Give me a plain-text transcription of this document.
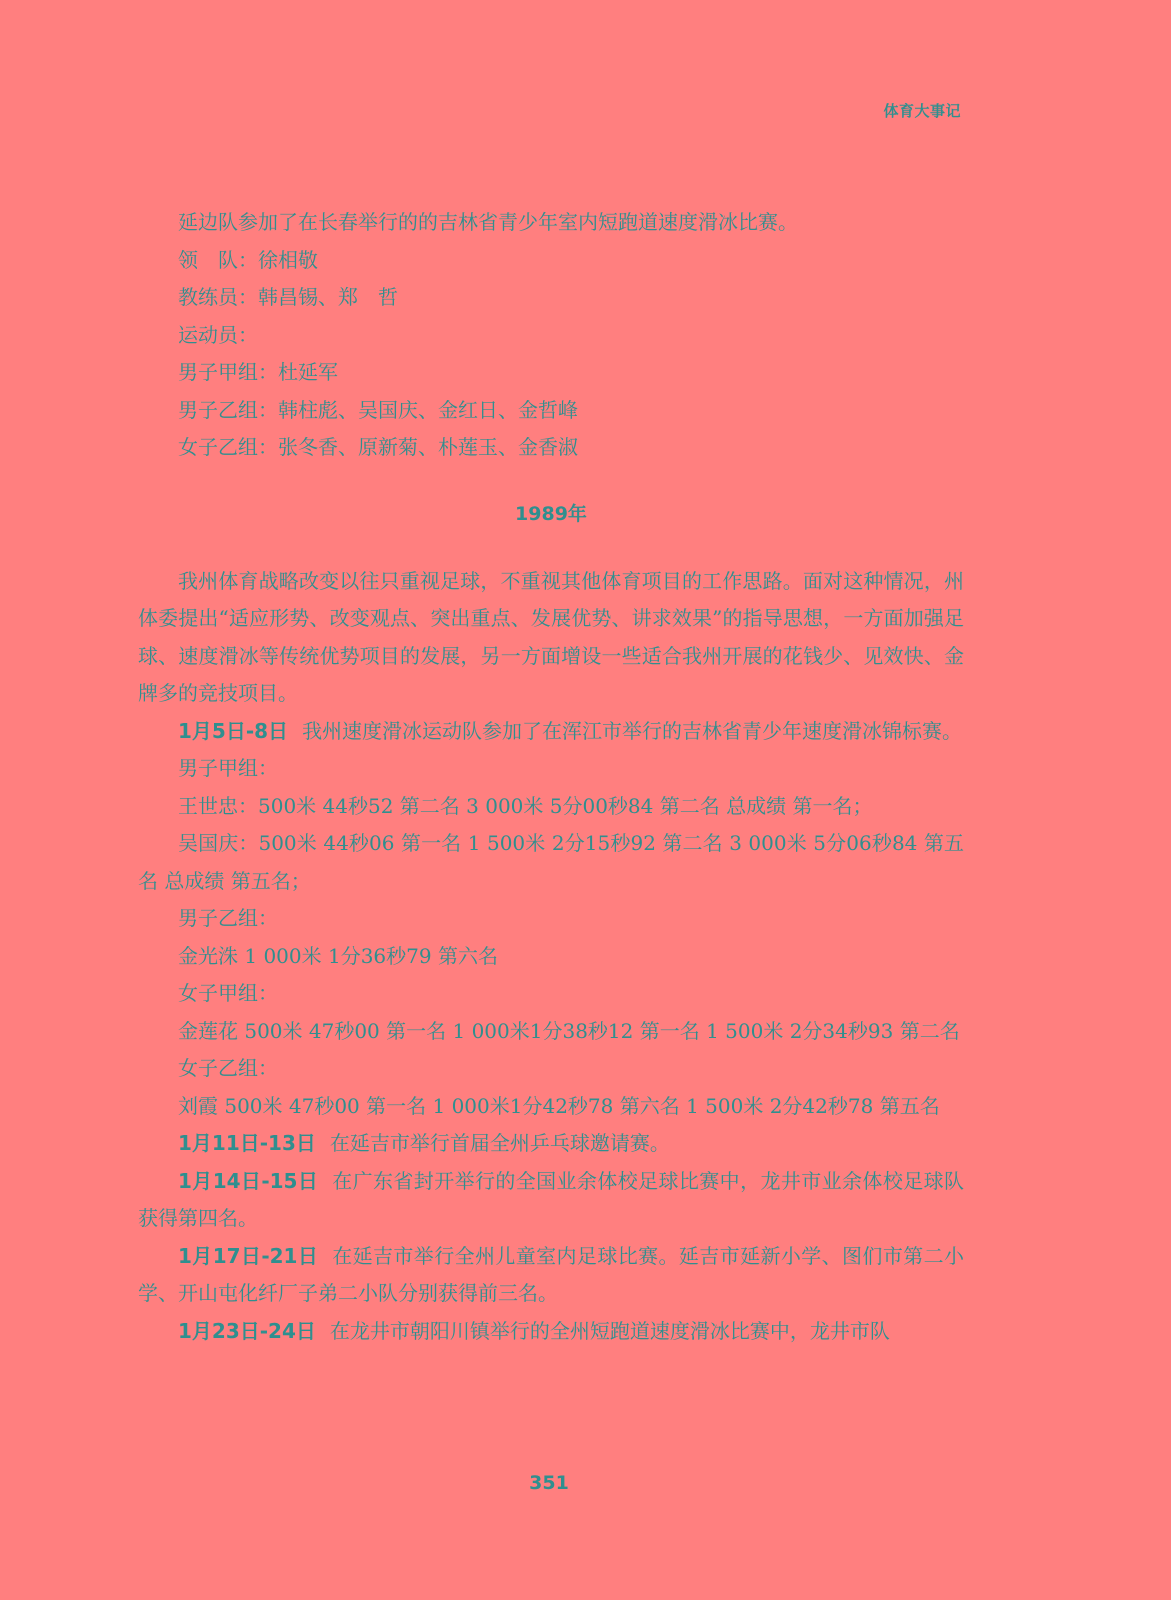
体育大事记

延边队参加了在长春举行的的吉林省青少年室内短跑道速度滑冰比赛。

领　队：徐相敬

教练员：韩昌锡、郑　哲

运动员：

男子甲组：杜延军

男子乙组：韩柱彪、吴国庆、金红日、金哲峰

女子乙组：张冬香、原新菊、朴莲玉、金香淑

1989年

我州体育战略改变以往只重视足球，不重视其他体育项目的工作思路。面对这种情况，州体委提出“适应形势、改变观点、突出重点、发展优势、讲求效果”的指导思想，一方面加强足球、速度滑冰等传统优势项目的发展，另一方面增设一些适合我州开展的花钱少、见效快、金牌多的竞技项目。

1月5日-8日 我州速度滑冰运动队参加了在浑江市举行的吉林省青少年速度滑冰锦标赛。

男子甲组：

王世忠：500米 44秒52 第二名 3 000米 5分00秒84 第二名 总成绩 第一名；

吴国庆：500米 44秒06 第一名 1 500米 2分15秒92 第二名 3 000米 5分06秒84 第五名 总成绩 第五名；

男子乙组：

金光洙 1 000米 1分36秒79 第六名

女子甲组：

金莲花 500米 47秒00 第一名 1 000米1分38秒12 第一名 1 500米 2分34秒93 第二名

女子乙组：

刘霞 500米 47秒00 第一名 1 000米1分42秒78 第六名 1 500米 2分42秒78 第五名

1月11日-13日 在延吉市举行首届全州乒乓球邀请赛。

1月14日-15日 在广东省封开举行的全国业余体校足球比赛中，龙井市业余体校足球队获得第四名。

1月17日-21日 在延吉市举行全州儿童室内足球比赛。延吉市延新小学、图们市第二小学、开山屯化纤厂子弟二小队分别获得前三名。

1月23日-24日 在龙井市朝阳川镇举行的全州短跑道速度滑冰比赛中，龙井市队

351
